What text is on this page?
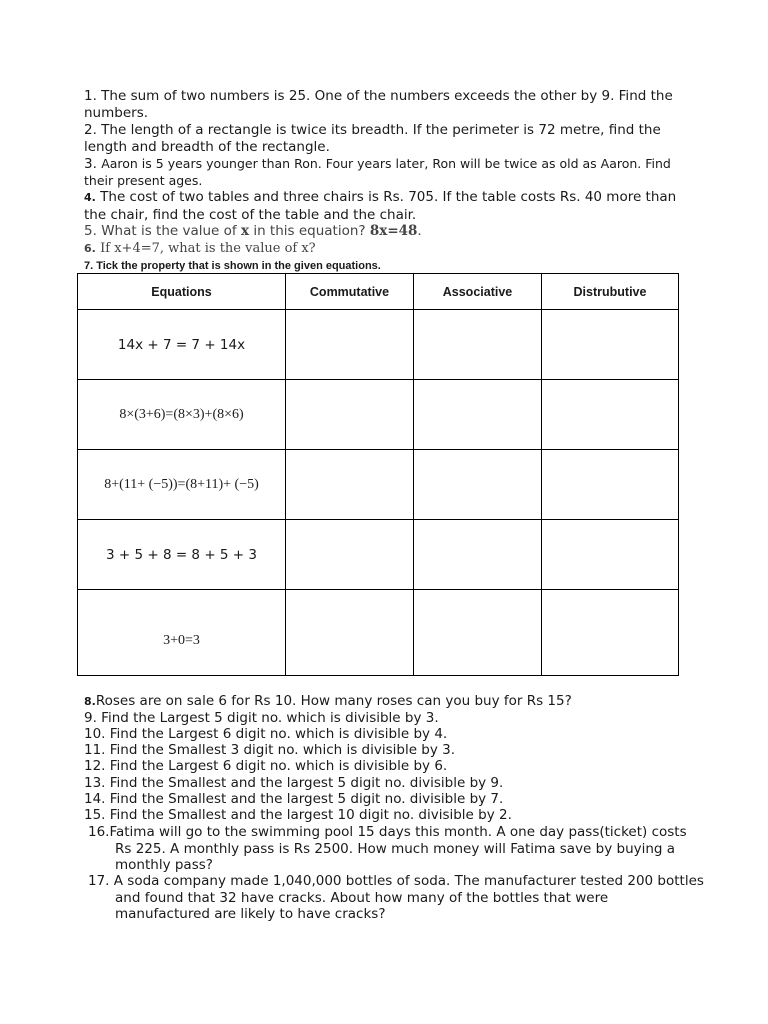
1. The sum of two numbers is 25. One of the numbers exceeds the other by 9. Find the numbers.
2. The length of a rectangle is twice its breadth. If the perimeter is 72 metre, find the length and breadth of the rectangle.
3. Aaron is 5 years younger than Ron. Four years later, Ron will be twice as old as Aaron. Find their present ages.
4. The cost of two tables and three chairs is Rs. 705. If the table costs Rs. 40 more than the chair, find the cost of the table and the chair.
5. What is the value of x in this equation? 8x=48.
6. If x+4=7, what is the value of x?
7. Tick the property that is shown in the given equations.
Equations	Commutative	Associative	Distrubutive
14x + 7 = 7 + 14x			
8×(3+6)=(8×3)+(8×6)			
8+(11+ (−5))=(8+11)+ (−5)			
3 + 5 + 8 = 8 + 5 + 3			
3+0=3			
8.Roses are on sale 6 for Rs 10. How many roses can you buy for Rs 15?
9. Find the Largest 5 digit no. which is divisible by 3.
10. Find the Largest 6 digit no. which is divisible by 4.
11. Find the Smallest 3 digit no. which is divisible by 3.
12. Find the Largest 6 digit no. which is divisible by 6.
13. Find the Smallest and the largest 5 digit no. divisible by 9.
14. Find the Smallest and the largest 5 digit no. divisible by 7.
15. Find the Smallest and the largest 10 digit no. divisible by 2.
16.Fatima will go to the swimming pool 15 days this month. A one day pass(ticket) costs Rs 225. A monthly pass is Rs 2500. How much money will Fatima save by buying a monthly pass?
17. A soda company made 1,040,000 bottles of soda. The manufacturer tested 200 bottles and found that 32 have cracks. About how many of the bottles that were manufactured are likely to have cracks?
